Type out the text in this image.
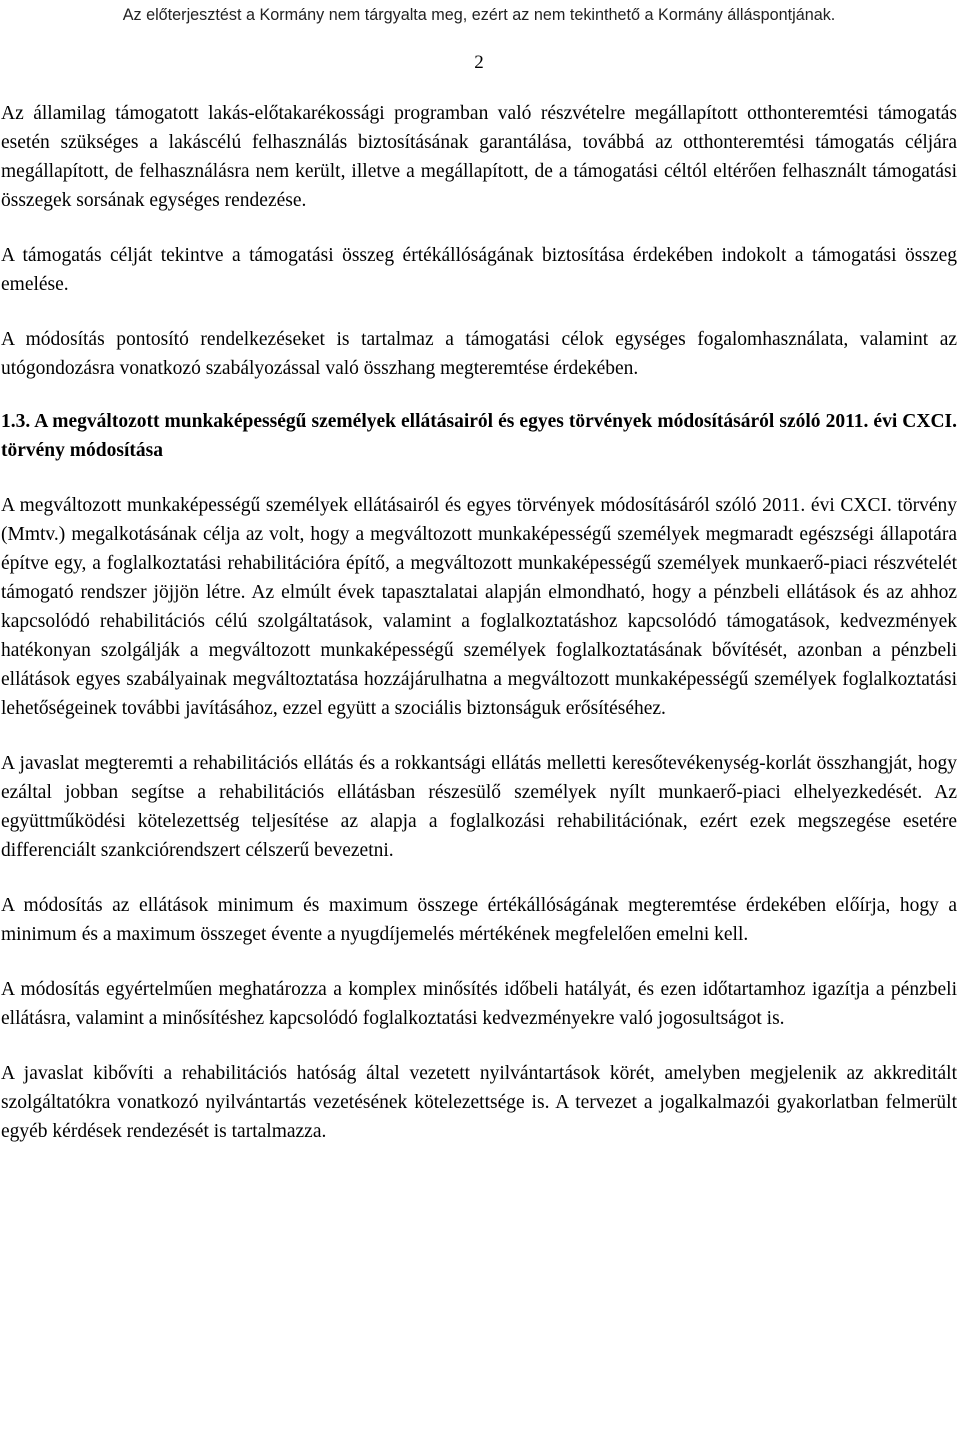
Az előterjesztést a Kormány nem tárgyalta meg, ezért az nem tekinthető a Kormány álláspontjának.
2

Az államilag támogatott lakás-előtakarékossági programban való részvételre megállapított otthonteremtési támogatás esetén szükséges a lakáscélú felhasználás biztosításának garantálása, továbbá az otthonteremtési támogatás céljára megállapított, de felhasználásra nem került, illetve a megállapított, de a támogatási céltól eltérően felhasznált támogatási összegek sorsának egységes rendezése.

A támogatás célját tekintve a támogatási összeg értékállóságának biztosítása érdekében indokolt a támogatási összeg emelése.

A módosítás pontosító rendelkezéseket is tartalmaz a támogatási célok egységes fogalomhasználata, valamint az utógondozásra vonatkozó szabályozással való összhang megteremtése érdekében.

1.3. A megváltozott munkaképességű személyek ellátásairól és egyes törvények módosításáról szóló 2011. évi CXCI. törvény módosítása

A megváltozott munkaképességű személyek ellátásairól és egyes törvények módosításáról szóló 2011. évi CXCI. törvény (Mmtv.) megalkotásának célja az volt, hogy a megváltozott munkaképességű személyek megmaradt egészségi állapotára építve egy, a foglalkoztatási rehabilitációra építő, a megváltozott munkaképességű személyek munkaerő-piaci részvételét támogató rendszer jöjjön létre. Az elmúlt évek tapasztalatai alapján elmondható, hogy a pénzbeli ellátások és az ahhoz kapcsolódó rehabilitációs célú szolgáltatások, valamint a foglalkoztatáshoz kapcsolódó támogatások, kedvezmények hatékonyan szolgálják a megváltozott munkaképességű személyek foglalkoztatásának bővítését, azonban a pénzbeli ellátások egyes szabályainak megváltoztatása hozzájárulhatna a megváltozott munkaképességű személyek foglalkoztatási lehetőségeinek további javításához, ezzel együtt a szociális biztonságuk erősítéséhez.

A javaslat megteremti a rehabilitációs ellátás és a rokkantsági ellátás melletti keresőtevékenység-korlát összhangját, hogy ezáltal jobban segítse a rehabilitációs ellátásban részesülő személyek nyílt munkaerő-piaci elhelyezkedését. Az együttműködési kötelezettség teljesítése az alapja a foglalkozási rehabilitációnak, ezért ezek megszegése esetére differenciált szankciórendszert célszerű bevezetni.

A módosítás az ellátások minimum és maximum összege értékállóságának megteremtése érdekében előírja, hogy a minimum és a maximum összeget évente a nyugdíjemelés mértékének megfelelően emelni kell.

A módosítás egyértelműen meghatározza a komplex minősítés időbeli hatályát, és ezen időtartamhoz igazítja a pénzbeli ellátásra, valamint a minősítéshez kapcsolódó foglalkoztatási kedvezményekre való jogosultságot is.

A javaslat kibővíti a rehabilitációs hatóság által vezetett nyilvántartások körét, amelyben megjelenik az akkreditált szolgáltatókra vonatkozó nyilvántartás vezetésének kötelezettsége is. A tervezet a jogalkalmazói gyakorlatban felmerült egyéb kérdések rendezését is tartalmazza.
